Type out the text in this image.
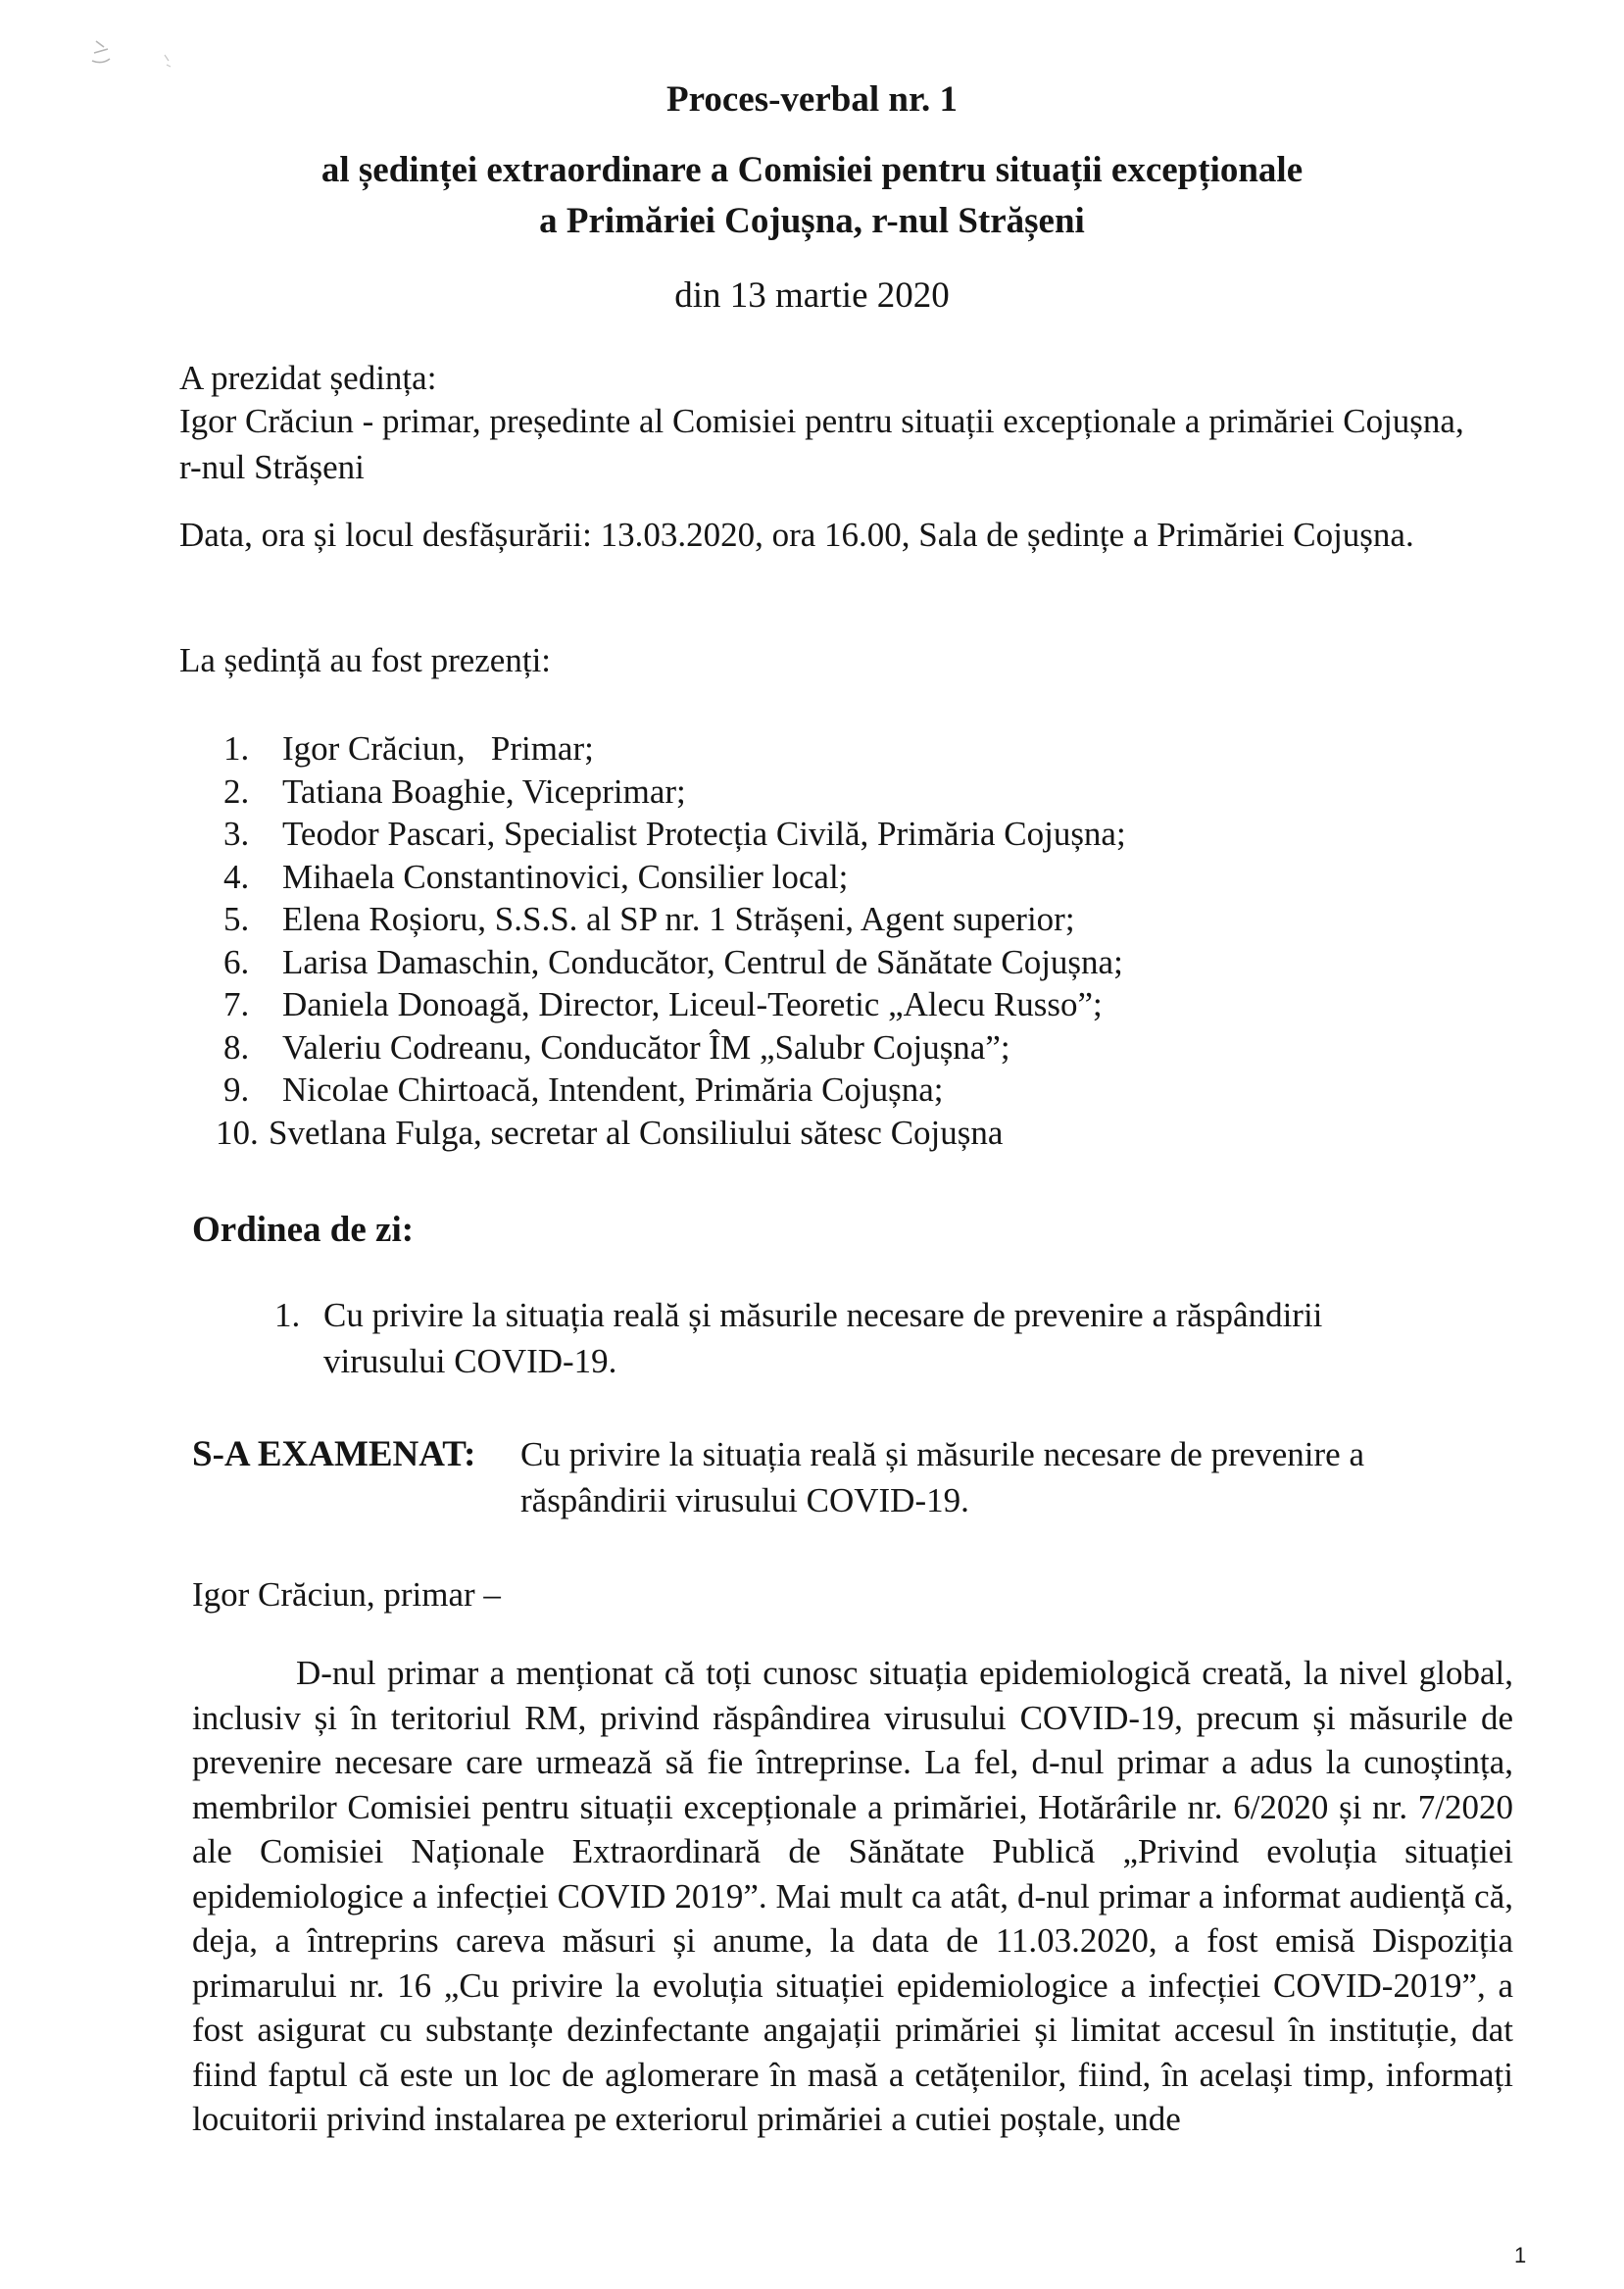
Proces-verbal nr. 1
al ședinței extraordinare a Comisiei pentru situații excepționale
a Primăriei Cojușna, r-nul Strășeni
din 13 martie 2020
A prezidat ședința:
Igor Crăciun - primar, președinte al Comisiei pentru situații excepționale a primăriei Cojușna, r-nul Strășeni
Data, ora și locul desfășurării: 13.03.2020, ora 16.00, Sala de ședințe a Primăriei Cojușna.
La ședință au fost prezenți:
1. Igor Crăciun,   Primar;
2. Tatiana Boaghie, Viceprimar;
3. Teodor Pascari, Specialist Protecția Civilă, Primăria Cojușna;
4. Mihaela Constantinovici, Consilier local;
5. Elena Roșioru, S.S.S. al SP nr. 1 Strășeni, Agent superior;
6. Larisa Damaschin, Conducător, Centrul de Sănătate Cojușna;
7. Daniela Donoagă, Director, Liceul-Teoretic „Alecu Russo”;
8. Valeriu Codreanu, Conducător ÎM „Salubr Cojușna”;
9. Nicolae Chirtoacă, Intendent, Primăria Cojușna;
10. Svetlana Fulga, secretar al Consiliului sătesc Cojușna
Ordinea de zi:
1. Cu privire la situația reală și măsurile necesare de prevenire a răspândirii virusului COVID-19.
S-A EXAMENAT:	Cu privire la situația reală și măsurile necesare de prevenire a răspândirii virusului COVID-19.
Igor Crăciun, primar –
D-nul primar a menționat că toți cunosc situația epidemiologică creată, la nivel global, inclusiv și în teritoriul RM, privind răspândirea virusului COVID-19, precum și măsurile de prevenire necesare care urmează să fie întreprinse. La fel, d-nul primar a adus la cunoștința, membrilor Comisiei pentru situații excepționale a primăriei, Hotărârile nr. 6/2020 și nr. 7/2020 ale Comisiei Naționale Extraordinară de Sănătate Publică „Privind evoluția situației epidemiologice a infecției COVID 2019”. Mai mult ca atât, d-nul primar a informat audiență că, deja, a întreprins careva măsuri și anume, la data de 11.03.2020, a fost emisă Dispoziția primarului nr. 16 „Cu privire la evoluția situației epidemiologice a infecției COVID-2019”, a fost asigurat cu substanțe dezinfectante angajații primăriei și limitat accesul în instituție, dat fiind faptul că este un loc de aglomerare în masă a cetățenilor, fiind, în același timp, informați locuitorii privind instalarea pe exteriorul primăriei a cutiei poștale, unde
1
